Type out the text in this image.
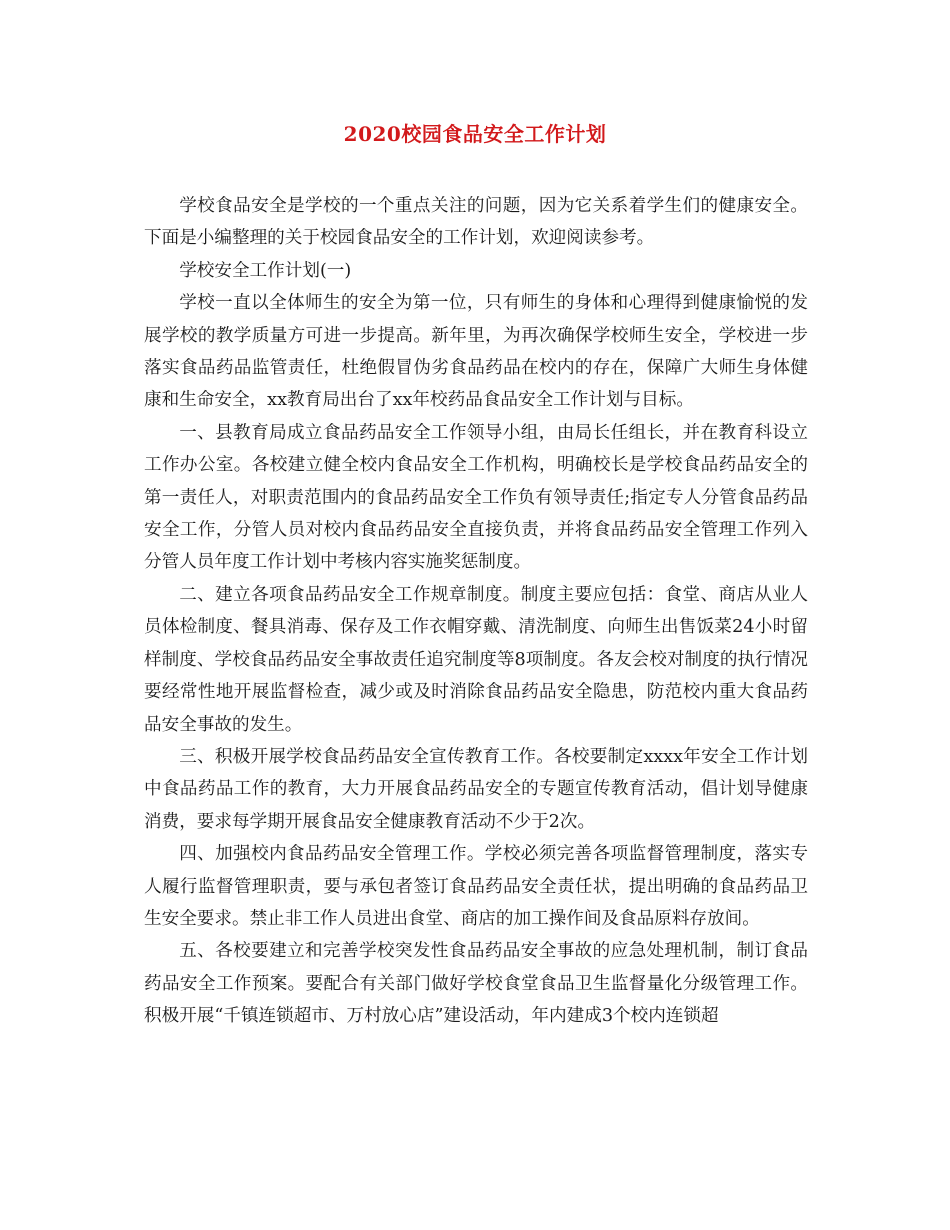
2020校园食品安全工作计划

学校食品安全是学校的一个重点关注的问题，因为它关系着学生们的健康安全。下面是小编整理的关于校园食品安全的工作计划，欢迎阅读参考。

学校安全工作计划(一)

学校一直以全体师生的安全为第一位，只有师生的身体和心理得到健康愉悦的发展学校的教学质量方可进一步提高。新年里，为再次确保学校师生安全，学校进一步落实食品药品监管责任，杜绝假冒伪劣食品药品在校内的存在，保障广大师生身体健康和生命安全，xx教育局出台了xx年校药品食品安全工作计划与目标。

一、县教育局成立食品药品安全工作领导小组，由局长任组长，并在教育科设立工作办公室。各校建立健全校内食品安全工作机构，明确校长是学校食品药品安全的第一责任人，对职责范围内的食品药品安全工作负有领导责任;指定专人分管食品药品安全工作，分管人员对校内食品药品安全直接负责，并将食品药品安全管理工作列入分管人员年度工作计划中考核内容实施奖惩制度。

二、建立各项食品药品安全工作规章制度。制度主要应包括：食堂、商店从业人员体检制度、餐具消毒、保存及工作衣帽穿戴、清洗制度、向师生出售饭菜24小时留样制度、学校食品药品安全事故责任追究制度等8项制度。各友会校对制度的执行情况要经常性地开展监督检查，减少或及时消除食品药品安全隐患，防范校内重大食品药品安全事故的发生。

三、积极开展学校食品药品安全宣传教育工作。各校要制定xxxx年安全工作计划中食品药品工作的教育，大力开展食品药品安全的专题宣传教育活动，倡计划导健康消费，要求每学期开展食品安全健康教育活动不少于2次。

四、加强校内食品药品安全管理工作。学校必须完善各项监督管理制度，落实专人履行监督管理职责，要与承包者签订食品药品安全责任状，提出明确的食品药品卫生安全要求。禁止非工作人员进出食堂、商店的加工操作间及食品原料存放间。

五、各校要建立和完善学校突发性食品药品安全事故的应急处理机制，制订食品药品安全工作预案。要配合有关部门做好学校食堂食品卫生监督量化分级管理工作。积极开展“千镇连锁超市、万村放心店”建设活动，年内建成3个校内连锁超
